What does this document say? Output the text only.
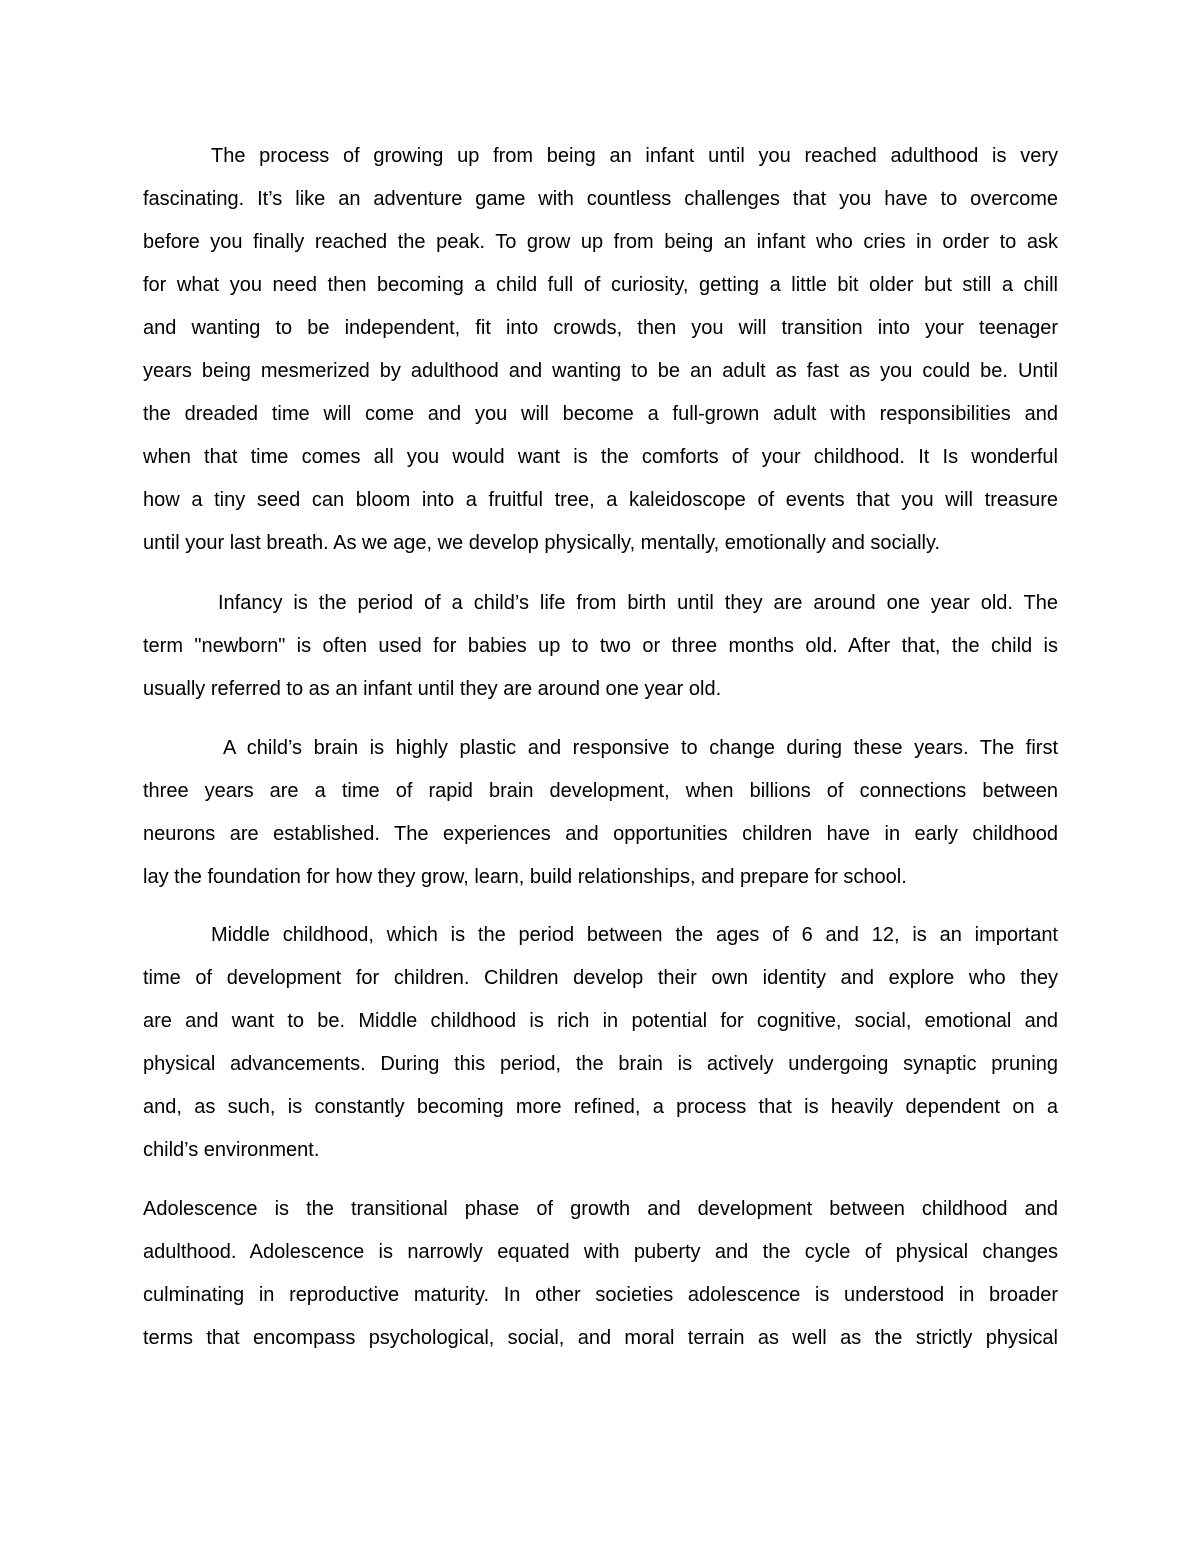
The process of growing up from being an infant until you reached adulthood is very
fascinating. It’s like an adventure game with countless challenges that you have to overcome
before you finally reached the peak. To grow up from being an infant who cries in order to ask
for what you need then becoming a child full of curiosity, getting a little bit older but still a chill
and wanting to be independent, fit into crowds, then you will transition into your teenager
years being mesmerized by adulthood and wanting to be an adult as fast as you could be. Until
the dreaded time will come and you will become a full-grown adult with responsibilities and
when that time comes all you would want is the comforts of your childhood. It Is wonderful
how a tiny seed can bloom into a fruitful tree, a kaleidoscope of events that you will treasure
until your last breath. As we age, we develop physically, mentally, emotionally and socially.
Infancy is the period of a child’s life from birth until they are around one year old. The
term "newborn" is often used for babies up to two or three months old. After that, the child is
usually referred to as an infant until they are around one year old.
A child’s brain is highly plastic and responsive to change during these years. The first
three years are a time of rapid brain development, when billions of connections between
neurons are established. The experiences and opportunities children have in early childhood
lay the foundation for how they grow, learn, build relationships, and prepare for school.
Middle childhood, which is the period between the ages of 6 and 12, is an important
time of development for children. Children develop their own identity and explore who they
are and want to be. Middle childhood is rich in potential for cognitive, social, emotional and
physical advancements. During this period, the brain is actively undergoing synaptic pruning
and, as such, is constantly becoming more refined, a process that is heavily dependent on a
child’s environment.
Adolescence is the transitional phase of growth and development between childhood and
adulthood. Adolescence is narrowly equated with puberty and the cycle of physical changes
culminating in reproductive maturity. In other societies adolescence is understood in broader
terms that encompass psychological, social, and moral terrain as well as the strictly physical
